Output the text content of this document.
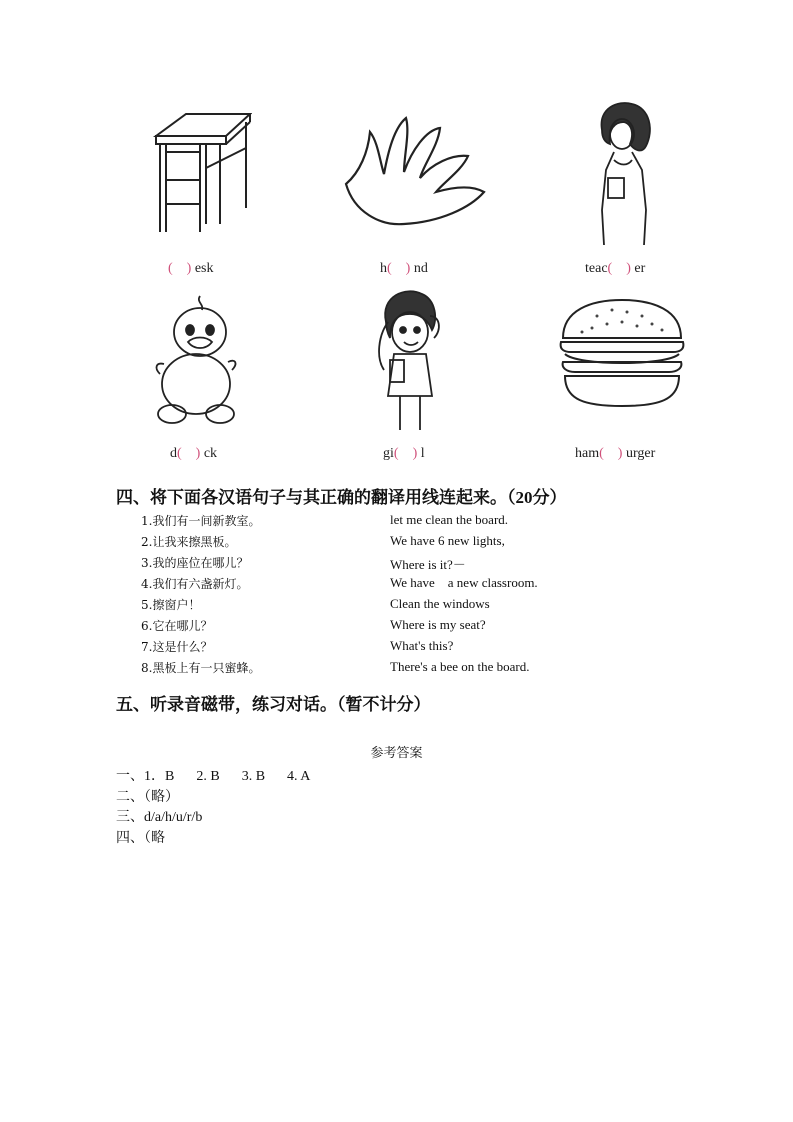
( ) esk	h( ) nd	teac( ) er
d( ) ck	gi( ) l	ham( ) urger
四、将下面各汉语句子与其正确的翻译用线连起来。（20分）
1.我们有一间新教室。	let me clean the board.
2.让我来擦黑板。	We have 6 new lights,
3.我的座位在哪儿？	Where is it?－
4.我们有六盏新灯。	We have    a new classroom.
5.擦窗户！	Clean the windows
6.它在哪儿？	Where is my seat?
7.这是什么？	What's this?
8.黑板上有一只蜜蜂。	There's a bee on the board.
五、听录音磁带，练习对话。（暂不计分）
参考答案
一、1．B 2. B 3. B 4. A
二、（略）
三、d/a/h/u/r/b
四、（略
